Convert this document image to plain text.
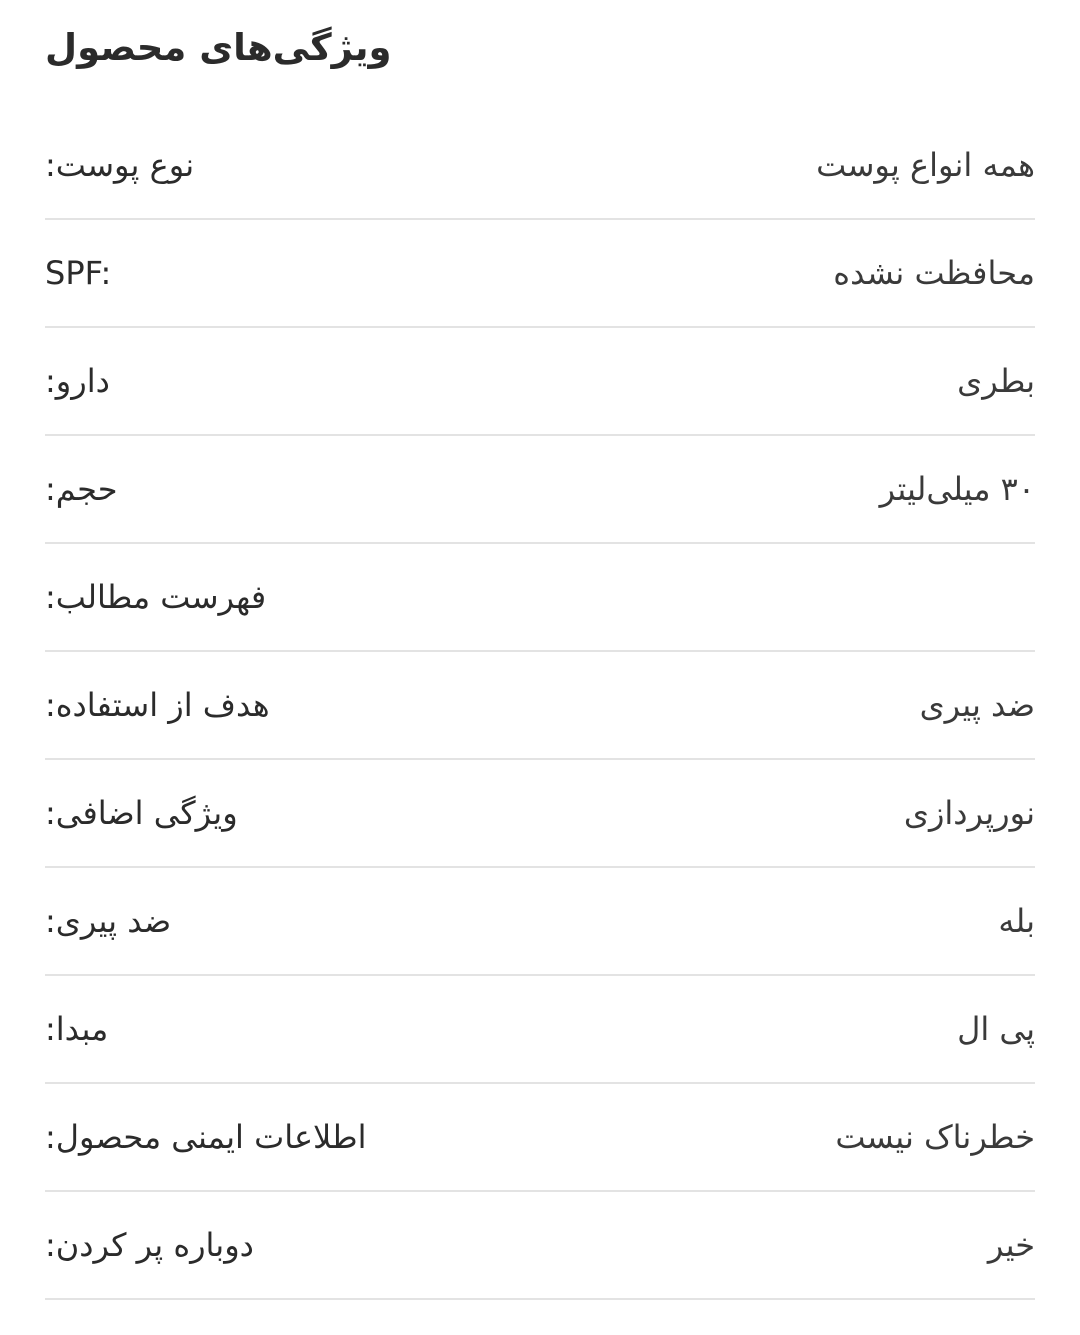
ویژگی‌های محصول
:نوع پوست	همه انواع پوست
SPF:	محافظت نشده
:دارو	بطری
:حجم	۳۰ میلی‌لیتر
:فهرست مطالب
:هدف از استفاده	ضد پیری
:ویژگی اضافی	نورپردازی
:ضد پیری	بله
:مبدا	پی ال
:اطلاعات ایمنی محصول	خطرناک نیست
:دوباره پر کردن	خیر
